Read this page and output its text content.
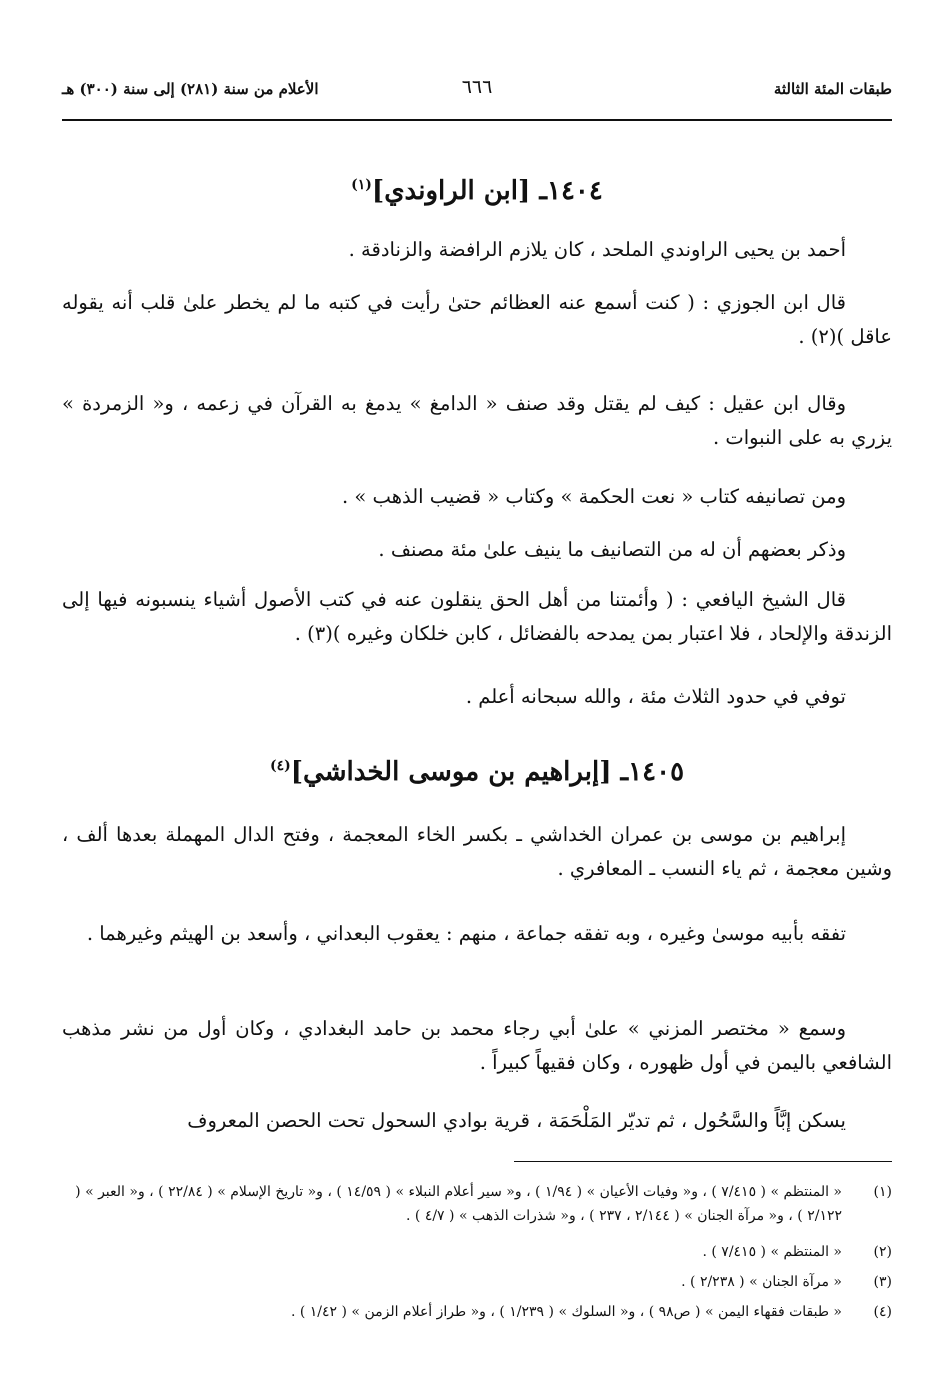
طبقات المئة الثالثة
٦٦٦
الأعلام من سنة (٢٨١) إلى سنة (٣٠٠) هـ
١٤٠٤ـ [ابن الراوندي]$^{(١)}$
أحمد بن يحيى الراوندي الملحد ، كان يلازم الرافضة والزنادقة .
قال ابن الجوزي : ( كنت أسمع عنه العظائم حتىٰ رأيت في كتبه ما لم يخطر علىٰ قلب أنه يقوله عاقل )(٢) .
وقال ابن عقيل : كيف لم يقتل وقد صنف « الدامغ » يدمغ به القرآن في زعمه ، و« الزمردة » يزري به على النبوات .
ومن تصانيفه كتاب « نعت الحكمة » وكتاب « قضيب الذهب » .
وذكر بعضهم أن له من التصانيف ما ينيف علىٰ مئة مصنف .
قال الشيخ اليافعي : ( وأئمتنا من أهل الحق ينقلون عنه في كتب الأصول أشياء ينسبونه فيها إلى الزندقة والإلحاد ، فلا اعتبار بمن يمدحه بالفضائل ، كابن خلكان وغيره )(٣) .
توفي في حدود الثلاث مئة ، والله سبحانه أعلم .
١٤٠٥ـ [إبراهيم بن موسى الخداشي]$^{(٤)}$
إبراهيم بن موسى بن عمران الخداشي ـ بكسر الخاء المعجمة ، وفتح الدال المهملة بعدها ألف ، وشين معجمة ، ثم ياء النسب ـ المعافري .
تفقه بأبيه موسىٰ وغيره ، وبه تفقه جماعة ، منهم : يعقوب البعداني ، وأسعد بن الهيثم وغيرهما .
وسمع « مختصر المزني » علىٰ أبي رجاء محمد بن حامد البغدادي ، وكان أول من نشر مذهب الشافعي باليمن في أول ظهوره ، وكان فقيهاً كبيراً .
يسكن إبَّاً والسَّحُول ، ثم تديّر المَلْحَمَة ، قرية بوادي السحول تحت الحصن المعروف
(١)
« المنتظم » ( ٧/٤١٥ ) ، و« وفيات الأعيان » ( ١/٩٤ ) ، و« سير أعلام النبلاء » ( ١٤/٥٩ ) ، و« تاريخ الإسلام » ( ٢٢/٨٤ ) ، و« العبر » ( ٢/١٢٢ ) ، و« مرآة الجنان » ( ٢/١٤٤ ، ٢٣٧ ) ، و« شذرات الذهب » ( ٤/٧ ) .
(٢)
« المنتظم » ( ٧/٤١٥ ) .
(٣)
« مرآة الجنان » ( ٢/٢٣٨ ) .
(٤)
« طبقات فقهاء اليمن » ( ص٩٨ ) ، و« السلوك » ( ١/٢٣٩ ) ، و« طراز أعلام الزمن » ( ١/٤٢ ) .
